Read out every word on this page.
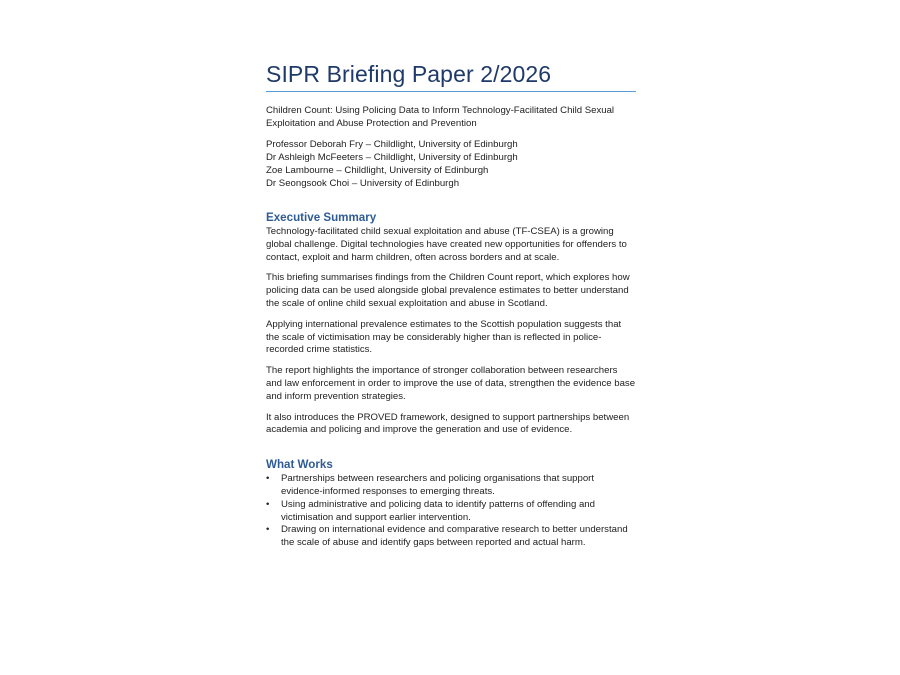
SIPR Briefing Paper 2/2026

Children Count: Using Policing Data to Inform Technology-Facilitated Child Sexual Exploitation and Abuse Protection and Prevention

Professor Deborah Fry – Childlight, University of Edinburgh
Dr Ashleigh McFeeters – Childlight, University of Edinburgh
Zoe Lambourne – Childlight, University of Edinburgh
Dr Seongsook Choi – University of Edinburgh
Executive Summary

Technology-facilitated child sexual exploitation and abuse (TF-CSEA) is a growing global challenge. Digital technologies have created new opportunities for offenders to contact, exploit and harm children, often across borders and at scale.

This briefing summarises findings from the Children Count report, which explores how policing data can be used alongside global prevalence estimates to better understand the scale of online child sexual exploitation and abuse in Scotland.

Applying international prevalence estimates to the Scottish population suggests that the scale of victimisation may be considerably higher than is reflected in police-recorded crime statistics.

The report highlights the importance of stronger collaboration between researchers and law enforcement in order to improve the use of data, strengthen the evidence base and inform prevention strategies.

It also introduces the PROVED framework, designed to support partnerships between academia and policing and improve the generation and use of evidence.

What Works
• Partnerships between researchers and policing organisations that support evidence-informed responses to emerging threats.
• Using administrative and policing data to identify patterns of offending and victimisation and support earlier intervention.
• Drawing on international evidence and comparative research to better understand the scale of abuse and identify gaps between reported and actual harm.
